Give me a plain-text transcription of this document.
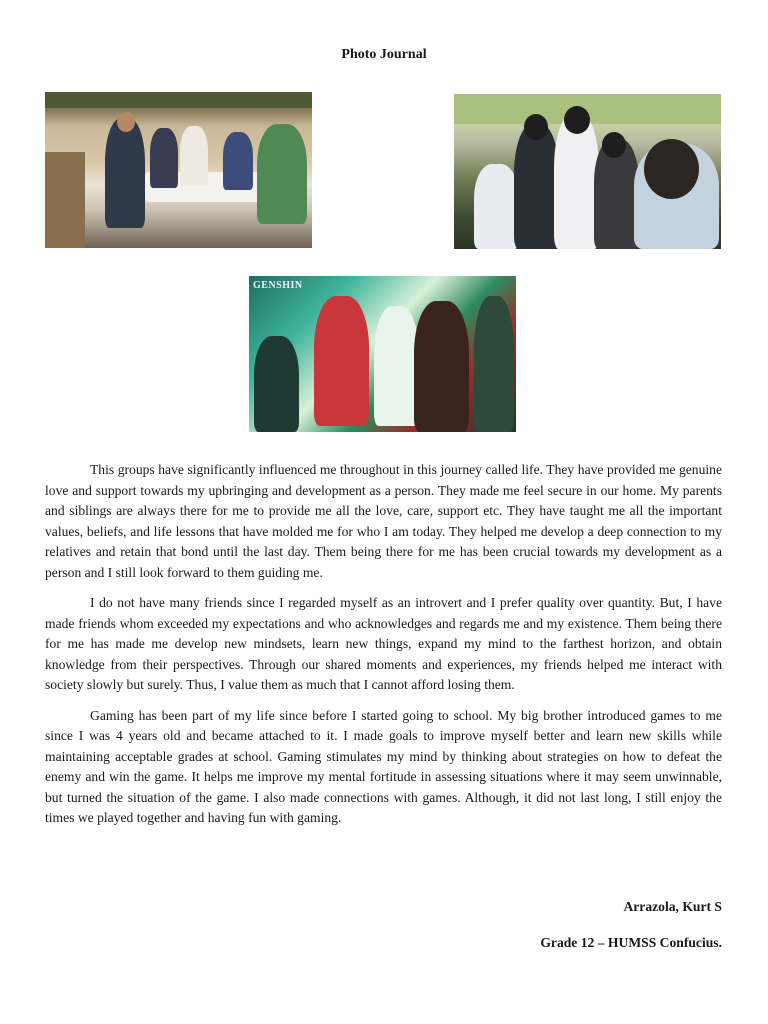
Photo Journal
GENSHIN

This groups have significantly influenced me throughout in this journey called life. They have provided me genuine love and support towards my upbringing and development as a person. They made me feel secure in our home. My parents and siblings are always there for me to provide me all the love, care, support etc. They have taught me all the important values, beliefs, and life lessons that have molded me for who I am today. They helped me develop a deep connection to my relatives and retain that bond until the last day. Them being there for me has been crucial towards my development as a person and I still look forward to them guiding me.

I do not have many friends since I regarded myself as an introvert and I prefer quality over quantity. But, I have made friends whom exceeded my expectations and who acknowledges and regards me and my existence. Them being there for me has made me develop new mindsets, learn new things, expand my mind to the farthest horizon, and obtain knowledge from their perspectives. Through our shared moments and experiences, my friends helped me interact with society slowly but surely. Thus, I value them as much that I cannot afford losing them.

Gaming has been part of my life since before I started going to school. My big brother introduced games to me since I was 4 years old and became attached to it. I made goals to improve myself better and learn new skills while maintaining acceptable grades at school. Gaming stimulates my mind by thinking about strategies on how to defeat the enemy and win the game. It helps me improve my mental fortitude in assessing situations where it may seem unwinnable, but turned the situation of the game. I also made connections with games. Although, it did not last long, I still enjoy the times we played together and having fun with gaming.

Arrazola, Kurt S
Grade 12 – HUMSS Confucius.
